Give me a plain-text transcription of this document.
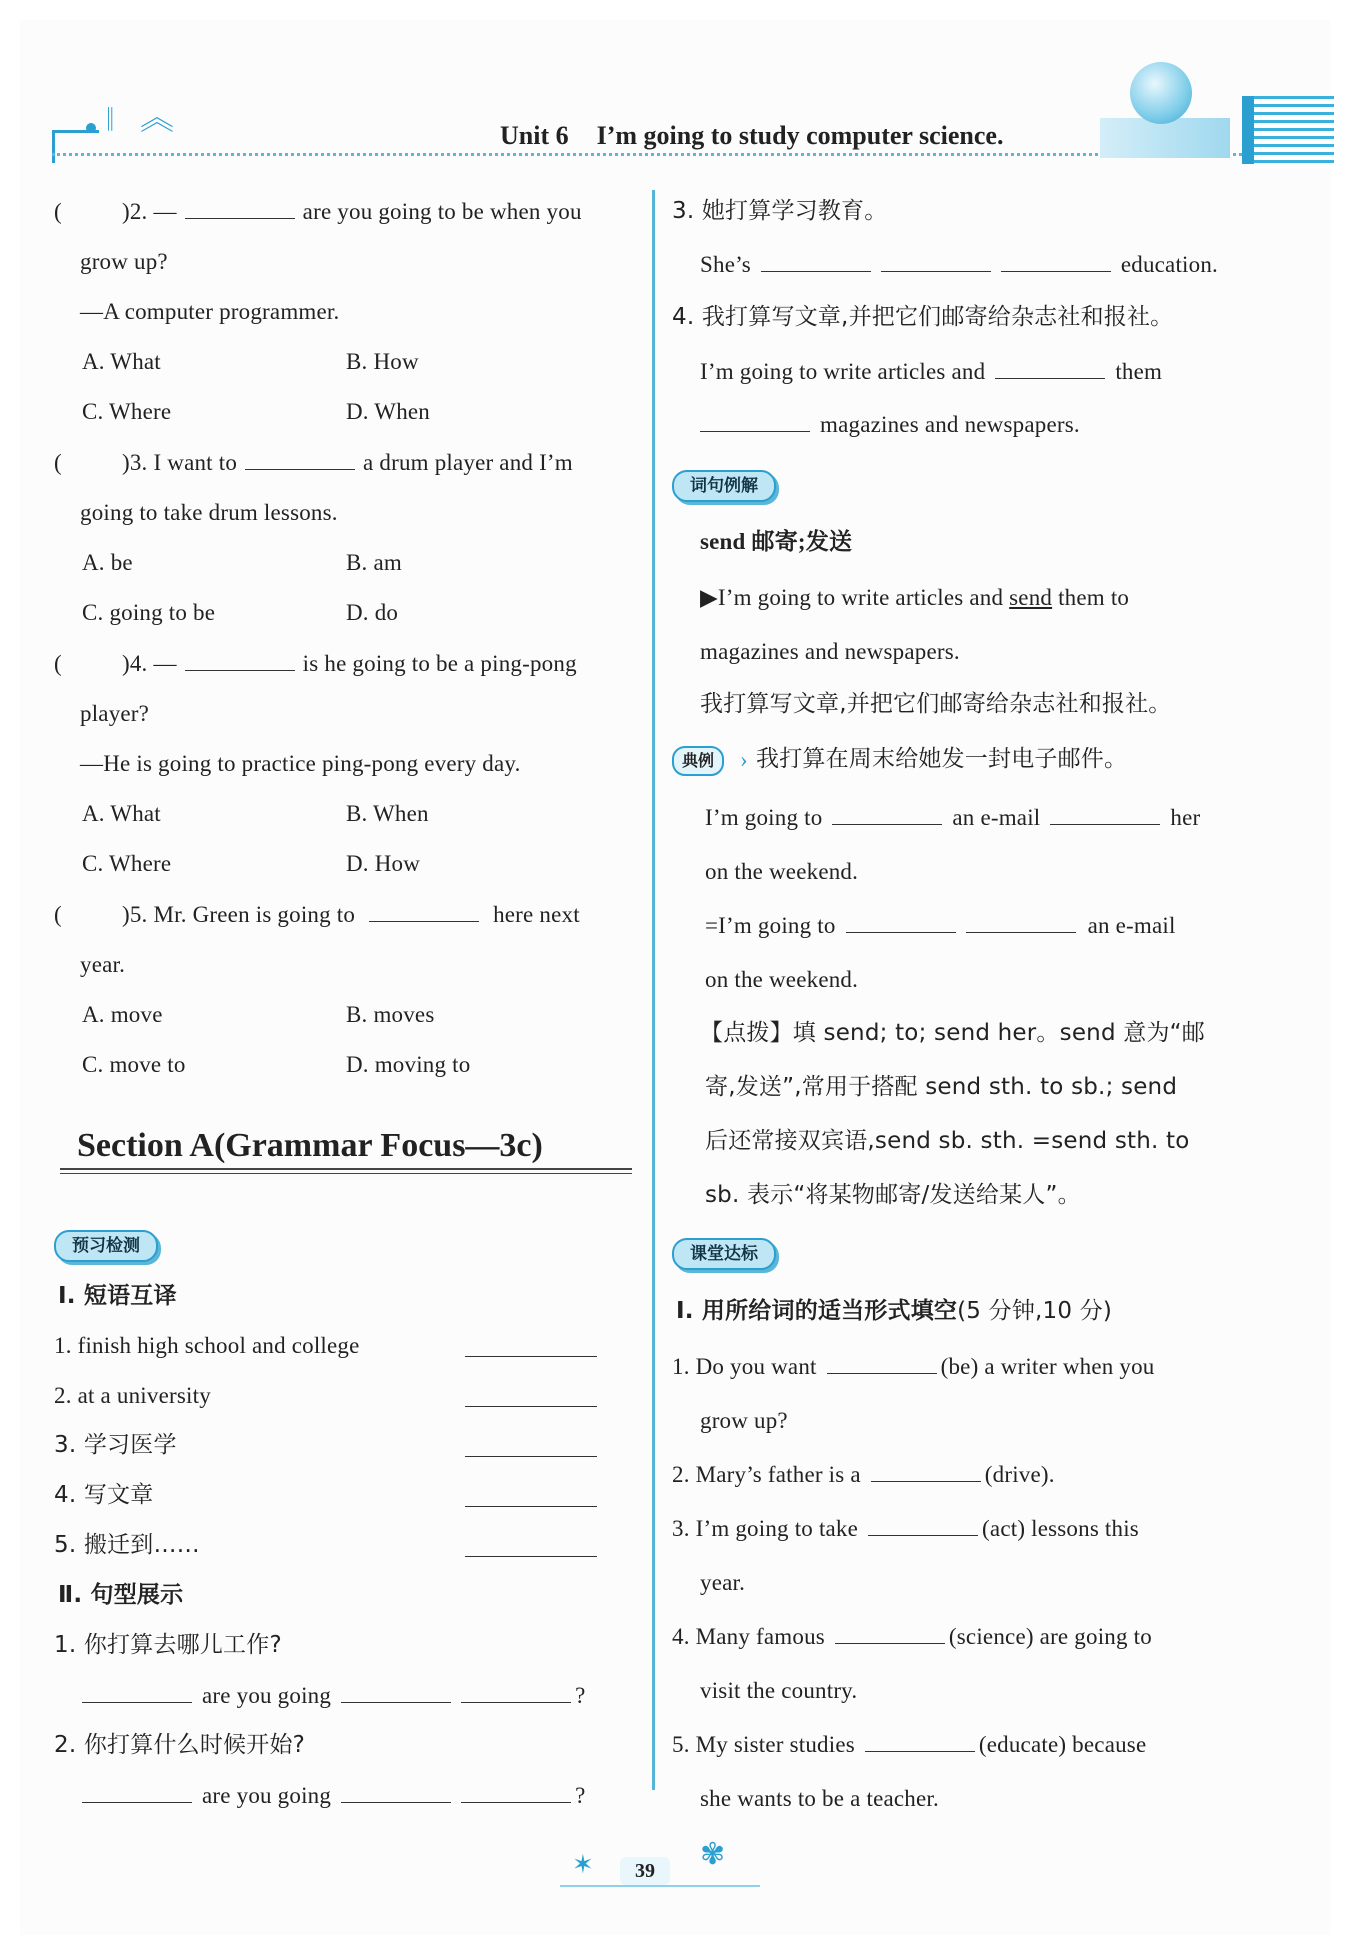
𝄁 ︽	Unit 6 I’m going to study computer science.
(	)2. —	are you going to be when you
grow up?
—A computer programmer.
A. What	B. How
C. Where	D. When
(	)3. I want to	a drum player and I’m
going to take drum lessons.
A. be	B. am
C. going to be	D. do
(	)4. —	is he going to be a ping-pong
player?
—He is going to practice ping-pong every day.
A. What	B. When
C. Where	D. How
(	)5. Mr. Green is going to	here next
year.
A. move	B. moves
C. move to	D. moving to
Section A(Grammar Focus—3c)
预习检测
Ⅰ. 短语互译
1. finish high school and college
2. at a university
3. 学习医学
4. 写文章
5. 搬迁到……
Ⅱ. 句型展示
1. 你打算去哪儿工作?
are you going	?
2. 你打算什么时候开始?
are you going	?
3. 她打算学习教育。
She’s	education.
4. 我打算写文章,并把它们邮寄给杂志社和报社。
I’m going to write articles and	them
magazines and newspapers.
词句例解
send 邮寄;发送
▶I’m going to write articles and send them to
magazines and newspapers.
我打算写文章,并把它们邮寄给杂志社和报社。
典例	› 我打算在周末给她发一封电子邮件。
I’m going to	an e-mail	her
on the weekend.
=I’m going to	an e-mail
on the weekend.
【点拨】填 send; to; send her。send 意为“邮
寄,发送”,常用于搭配 send sth. to sb.; send
后还常接双宾语,send sb. sth. =send sth. to
sb. 表示“将某物邮寄/发送给某人”。
课堂达标
Ⅰ. 用所给词的适当形式填空(5 分钟,10 分)
1. Do you want	(be) a writer when you
grow up?
2. Mary’s father is a	(drive).
3. I’m going to take	(act) lessons this
year.
4. Many famous	(science) are going to
visit the country.
5. My sister studies	(educate) because
she wants to be a teacher.
✶	✾
39
